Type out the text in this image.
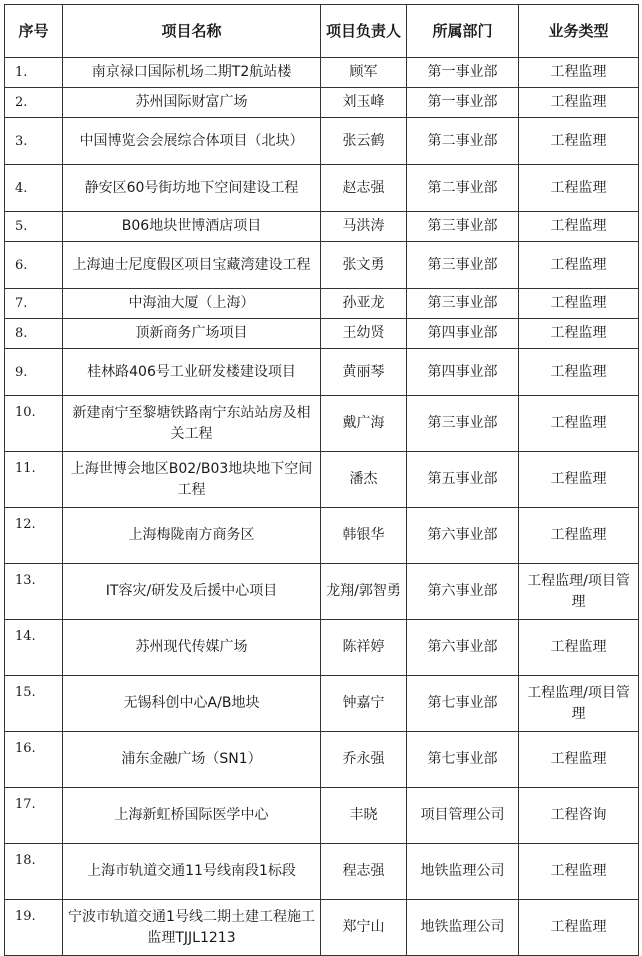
序号	项目名称	项目负责人	所属部门	业务类型
1.	南京禄口国际机场二期T2航站楼	顾军	第一事业部	工程监理
2.	苏州国际财富广场	刘玉峰	第一事业部	工程监理
3.	中国博览会会展综合体项目（北块）	张云鹤	第二事业部	工程监理
4.	静安区60号街坊地下空间建设工程	赵志强	第二事业部	工程监理
5.	B06地块世博酒店项目	马洪涛	第三事业部	工程监理
6.	上海迪士尼度假区项目宝藏湾建设工程	张文勇	第三事业部	工程监理
7.	中海油大厦（上海）	孙亚龙	第三事业部	工程监理
8.	顶新商务广场项目	王幼贤	第四事业部	工程监理
9.	桂林路406号工业研发楼建设项目	黄丽琴	第四事业部	工程监理
10.	新建南宁至黎塘铁路南宁东站站房及相关工程	戴广海	第三事业部	工程监理
11.	上海世博会地区B02/B03地块地下空间工程	潘杰	第五事业部	工程监理
12.	上海梅陇南方商务区	韩银华	第六事业部	工程监理
13.	IT容灾/研发及后援中心项目	龙翔/郭智勇	第六事业部	工程监理/项目管理
14.	苏州现代传媒广场	陈祥婷	第六事业部	工程监理
15.	无锡科创中心A/B地块	钟嘉宁	第七事业部	工程监理/项目管理
16.	浦东金融广场（SN1）	乔永强	第七事业部	工程监理
17.	上海新虹桥国际医学中心	丰晓	项目管理公司	工程咨询
18.	上海市轨道交通11号线南段1标段	程志强	地铁监理公司	工程监理
19.	宁波市轨道交通1号线二期土建工程施工监理TJJL1213	郑宁山	地铁监理公司	工程监理
